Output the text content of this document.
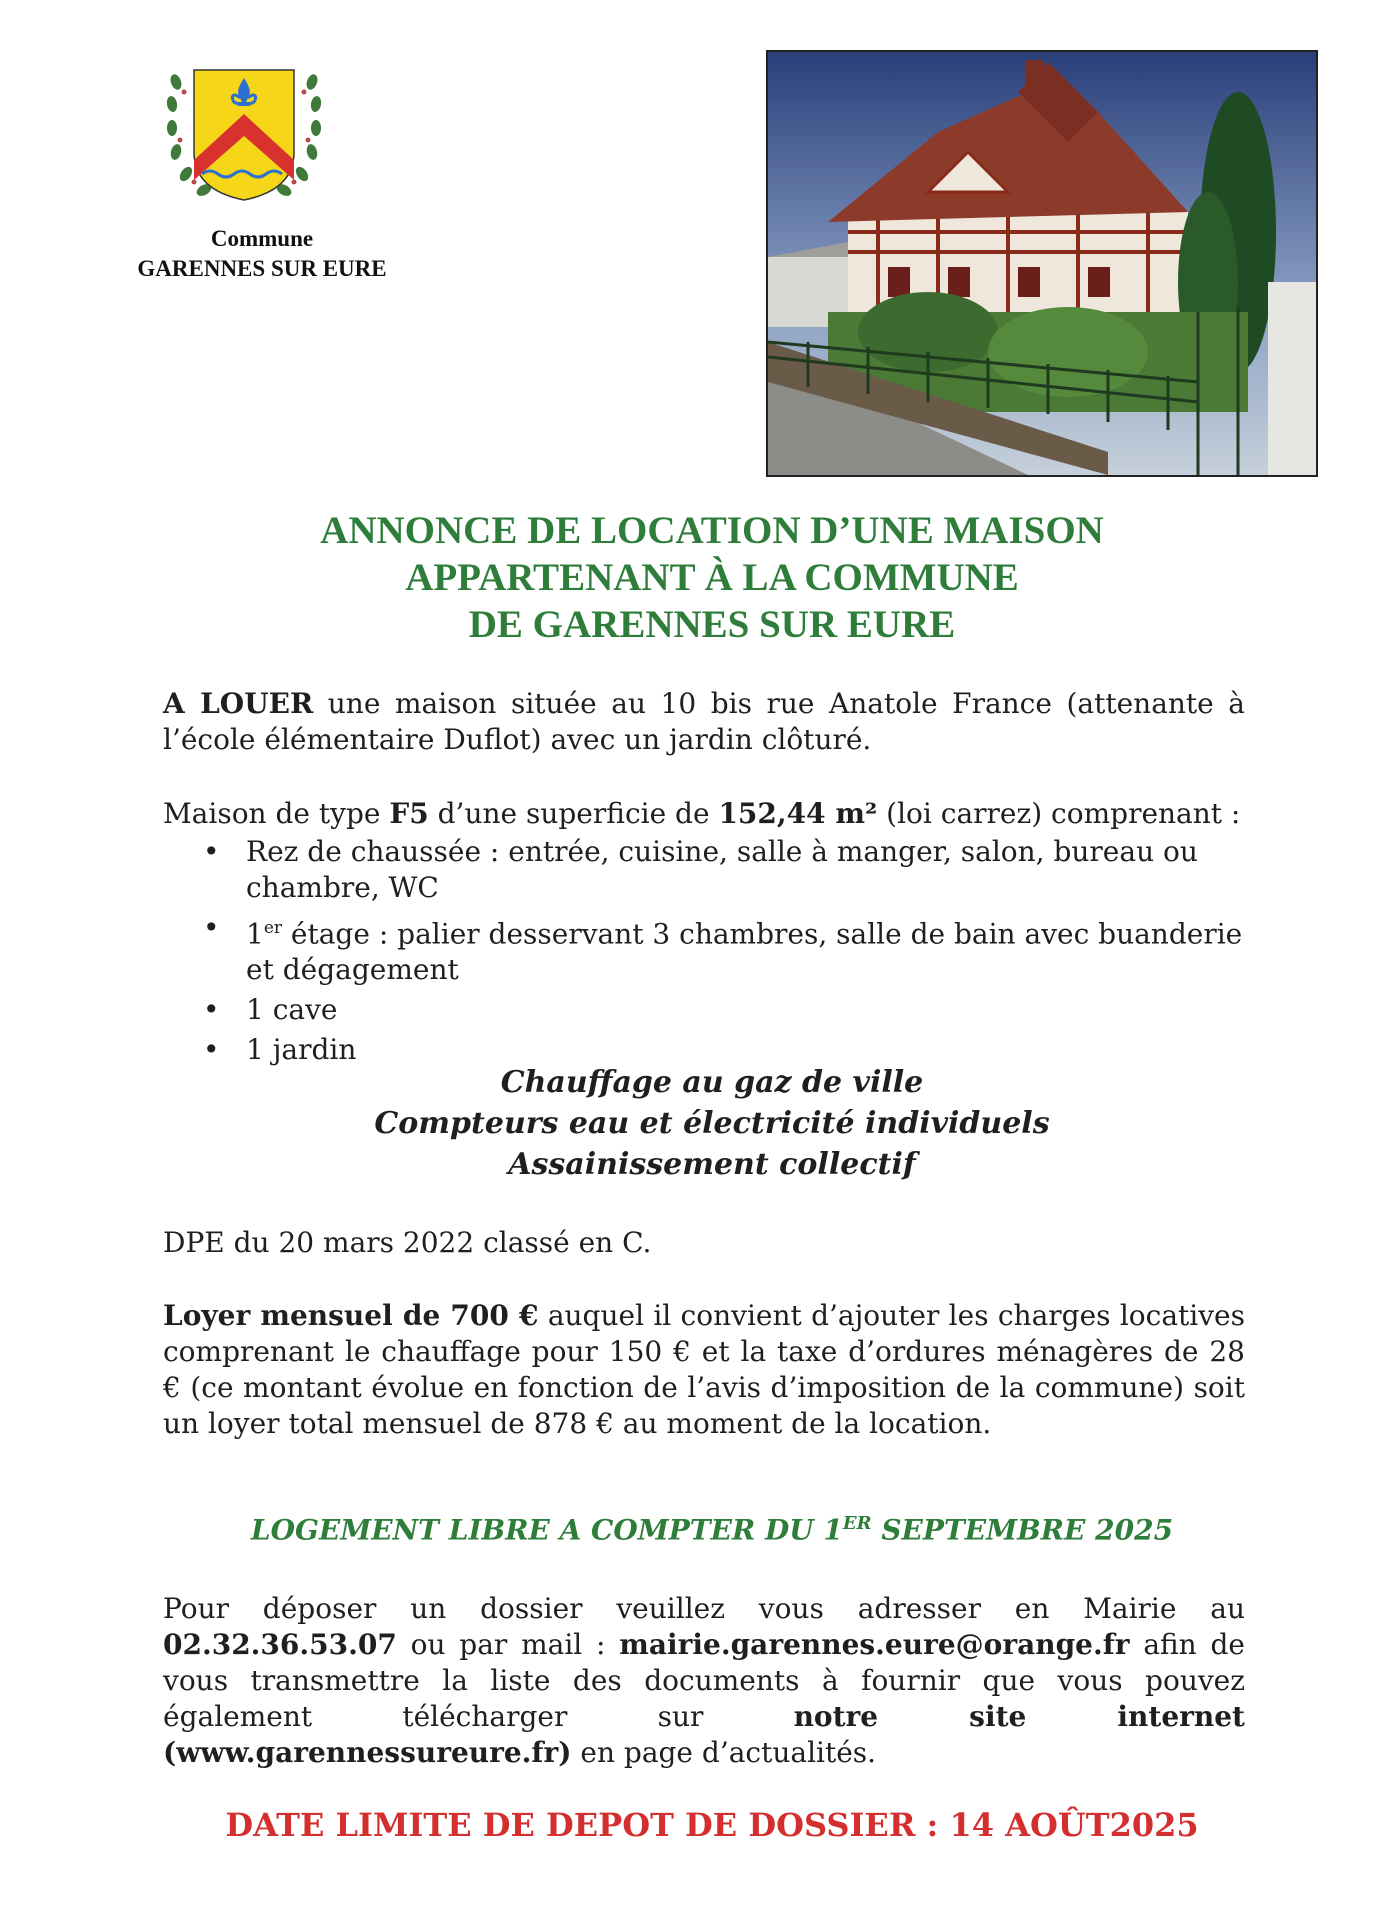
Commune
GARENNES SUR EURE
ANNONCE DE LOCATION D’UNE MAISON
APPARTENANT À LA COMMUNE
DE GARENNES SUR EURE
A LOUER une maison située au 10 bis rue Anatole France (attenante à l’école élémentaire Duflot) avec un jardin clôturé.
Maison de type F5 d’une superficie de 152,44 m² (loi carrez) comprenant :
• Rez de chaussée : entrée, cuisine, salle à manger, salon, bureau ou chambre, WC
• 1er étage : palier desservant 3 chambres, salle de bain avec buanderie et dégagement
• 1 cave
• 1 jardin
Chauffage au gaz de ville
Compteurs eau et électricité individuels
Assainissement collectif
DPE du 20 mars 2022 classé en C.
Loyer mensuel de 700 € auquel il convient d’ajouter les charges locatives comprenant le chauffage pour 150 € et la taxe d’ordures ménagères de 28 € (ce montant évolue en fonction de l’avis d’imposition de la commune) soit un loyer total mensuel de 878 € au moment de la location.
LOGEMENT LIBRE A COMPTER DU 1ER SEPTEMBRE 2025
Pour déposer un dossier veuillez vous adresser en Mairie au 02.32.36.53.07 ou par mail : mairie.garennes.eure@orange.fr afin de vous transmettre la liste des documents à fournir que vous pouvez également télécharger sur notre site internet (www.garennessureure.fr) en page d’actualités.
DATE LIMITE DE DEPOT DE DOSSIER : 14 AOÛT2025
